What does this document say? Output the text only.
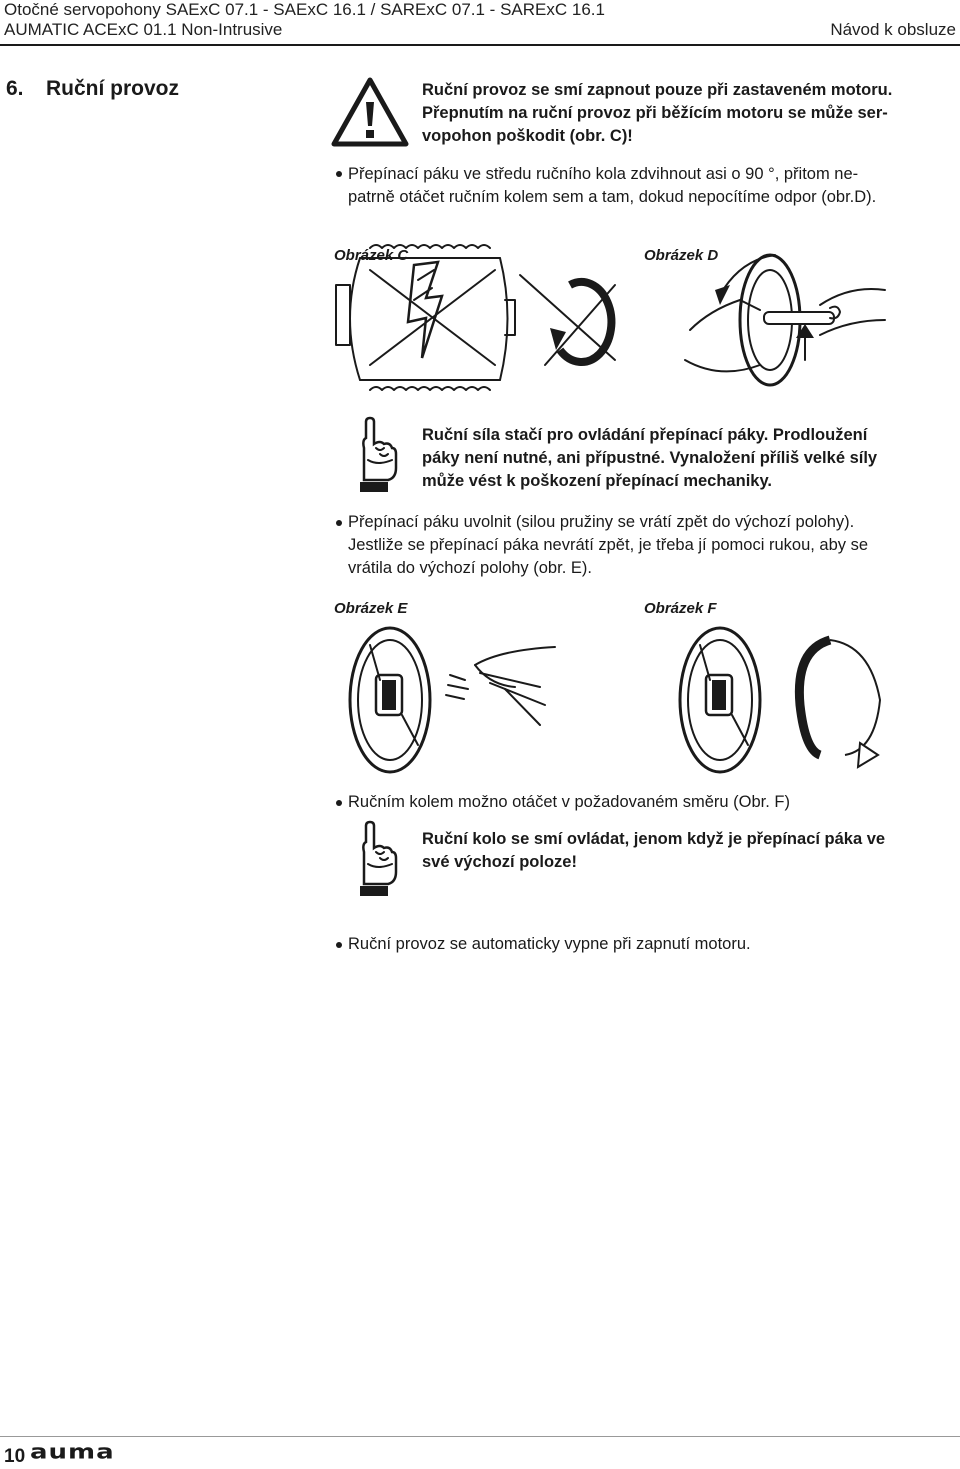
Otočné servopohony SAExC 07.1 - SAExC 16.1 / SARExC 07.1 - SARExC 16.1
AUMATIC ACExC 01.1 Non-Intrusive	Návod k obsluze
6. Ruční provoz	Ruční provoz se smí zapnout pouze při zastaveném motoru.
Přepnutím na ruční provoz při běžícím motoru se může ser-
vopohon poškodit (obr. C)!
Přepínací páku ve středu ručního kola zdvihnout asi o 90 °, přitom ne-
patrně otáčet ručním kolem sem a tam, dokud nepocítíme odpor (obr.D).
Obrázek C	Obrázek D
Ruční síla stačí pro ovládání přepínací páky. Prodloužení
páky není nutné, ani přípustné. Vynaložení příliš velké síly
může vést k poškození přepínací mechaniky.
Přepínací páku uvolnit (silou pružiny se vrátí zpět do výchozí polohy).
Jestliže se přepínací páka nevrátí zpět, je třeba jí pomoci rukou, aby se
vrátila do výchozí polohy (obr. E).
Obrázek E	Obrázek F
Ručním kolem možno otáčet v požadovaném směru (Obr. F)
Ruční kolo se smí ovládat, jenom když je přepínací páka ve
své výchozí poloze!
Ruční provoz se automaticky vypne při zapnutí motoru.
10 auma
